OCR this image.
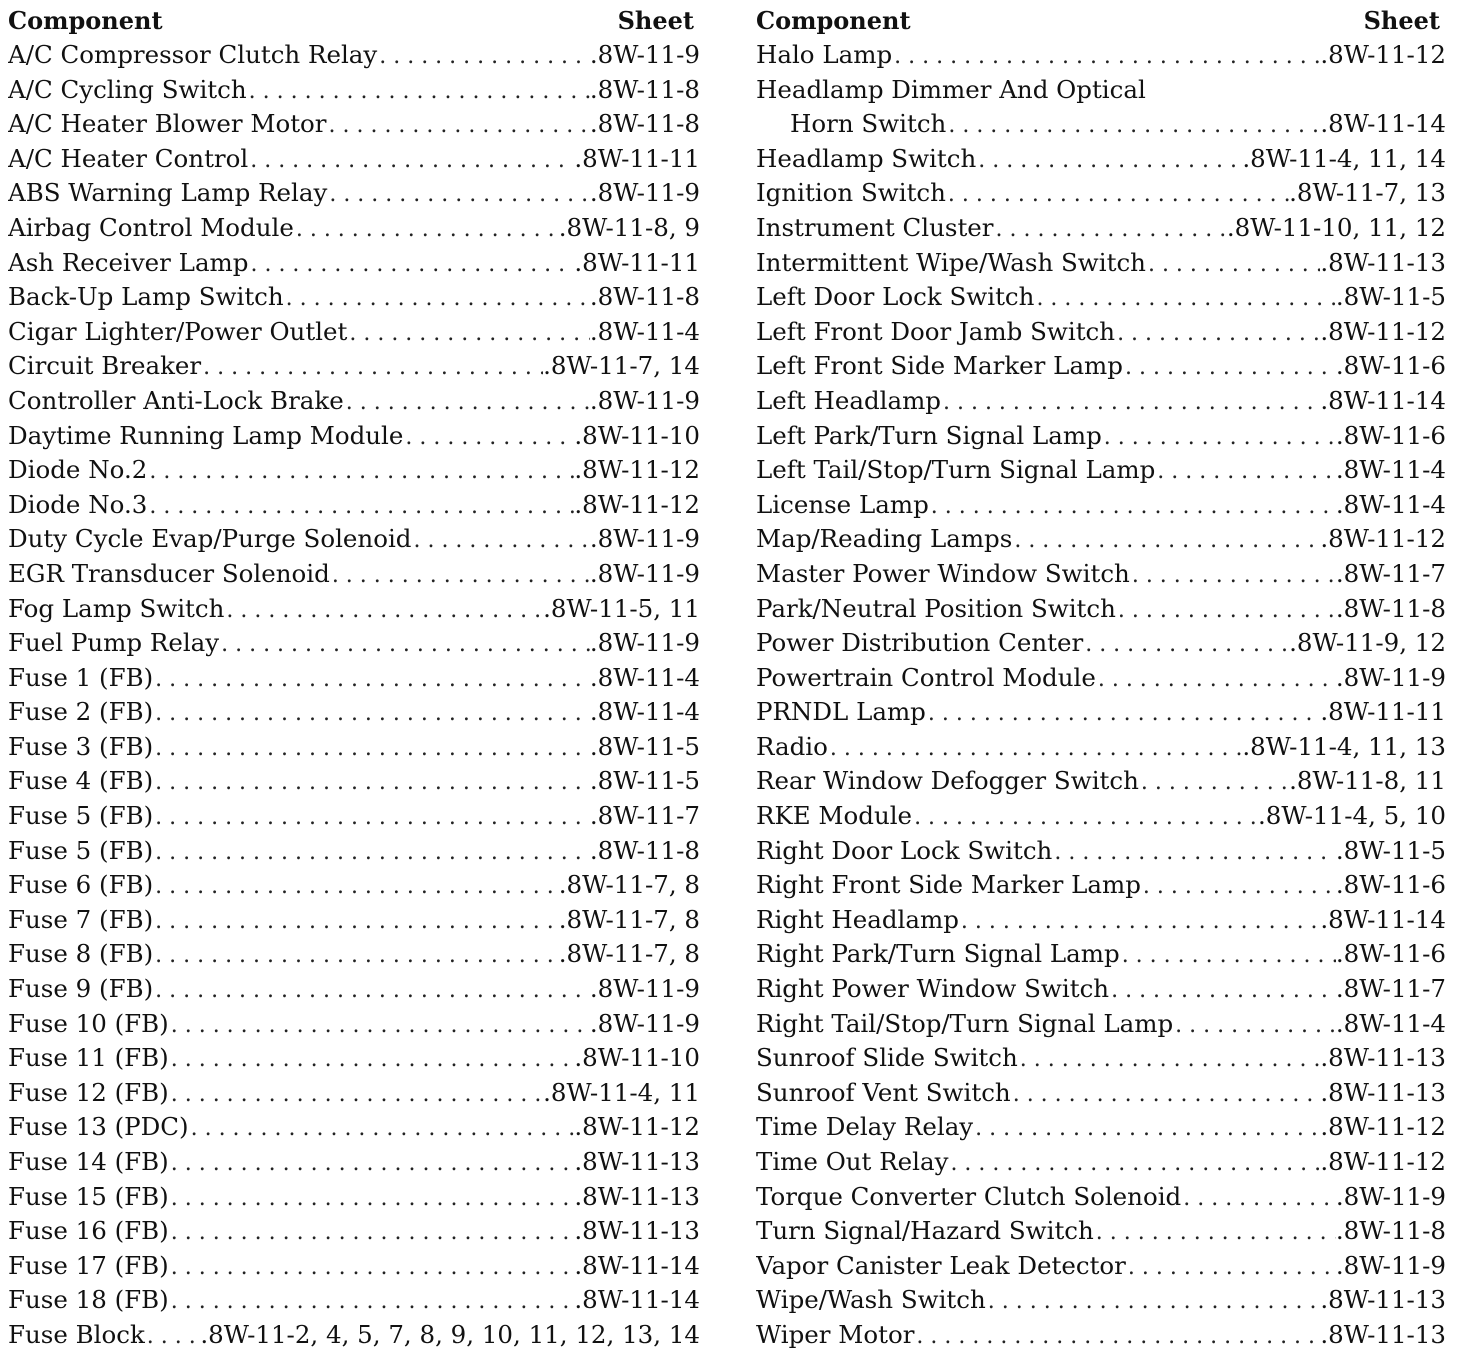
Component	Sheet
A/C Compressor Clutch Relay . . .	.8W-11-9
A/C Cycling Switch . . .	.8W-11-8
A/C Heater Blower Motor . . .	.8W-11-8
A/C Heater Control . . .	.8W-11-11
ABS Warning Lamp Relay . . .	.8W-11-9
Airbag Control Module . . .	.8W-11-8, 9
Ash Receiver Lamp . . .	.8W-11-11
Back-Up Lamp Switch . . .	.8W-11-8
Cigar Lighter/Power Outlet . . .	.8W-11-4
Circuit Breaker . . .	.8W-11-7, 14
Controller Anti-Lock Brake . . .	.8W-11-9
Daytime Running Lamp Module . . .	.8W-11-10
Diode No.2 . . .	.8W-11-12
Diode No.3 . . .	.8W-11-12
Duty Cycle Evap/Purge Solenoid . . .	.8W-11-9
EGR Transducer Solenoid . . .	.8W-11-9
Fog Lamp Switch . . .	.8W-11-5, 11
Fuel Pump Relay . . .	.8W-11-9
Fuse 1 (FB) . . .	.8W-11-4
Fuse 2 (FB) . . .	.8W-11-4
Fuse 3 (FB) . . .	.8W-11-5
Fuse 4 (FB) . . .	.8W-11-5
Fuse 5 (FB) . . .	.8W-11-7
Fuse 5 (FB) . . .	.8W-11-8
Fuse 6 (FB) . . .	.8W-11-7, 8
Fuse 7 (FB) . . .	.8W-11-7, 8
Fuse 8 (FB) . . .	.8W-11-7, 8
Fuse 9 (FB) . . .	.8W-11-9
Fuse 10 (FB) . . .	.8W-11-9
Fuse 11 (FB) . . .	.8W-11-10
Fuse 12 (FB) . . .	.8W-11-4, 11
Fuse 13 (PDC) . . .	.8W-11-12
Fuse 14 (FB) . . .	.8W-11-13
Fuse 15 (FB) . . .	.8W-11-13
Fuse 16 (FB) . . .	.8W-11-13
Fuse 17 (FB) . . .	.8W-11-14
Fuse 18 (FB) . . .	.8W-11-14
Fuse Block . . . .8W-11-2, 4, 5, 7, 8, 9, 10, 11, 12, 13, 14
Component	Sheet
Halo Lamp . . .	.8W-11-12
Headlamp Dimmer And Optical
Horn Switch . . .	.8W-11-14
Headlamp Switch . . .	.8W-11-4, 11, 14
Ignition Switch . . .	.8W-11-7, 13
Instrument Cluster . . .	.8W-11-10, 11, 12
Intermittent Wipe/Wash Switch . . .	.8W-11-13
Left Door Lock Switch . . .	.8W-11-5
Left Front Door Jamb Switch . . .	.8W-11-12
Left Front Side Marker Lamp . . .	.8W-11-6
Left Headlamp . . .	.8W-11-14
Left Park/Turn Signal Lamp . . .	.8W-11-6
Left Tail/Stop/Turn Signal Lamp . . .	.8W-11-4
License Lamp . . .	.8W-11-4
Map/Reading Lamps . . .	.8W-11-12
Master Power Window Switch . . .	.8W-11-7
Park/Neutral Position Switch . . .	.8W-11-8
Power Distribution Center . . .	.8W-11-9, 12
Powertrain Control Module . . .	.8W-11-9
PRNDL Lamp . . .	.8W-11-11
Radio . . .	.8W-11-4, 11, 13
Rear Window Defogger Switch . . .	.8W-11-8, 11
RKE Module . . .	.8W-11-4, 5, 10
Right Door Lock Switch . . .	.8W-11-5
Right Front Side Marker Lamp . . .	.8W-11-6
Right Headlamp . . .	.8W-11-14
Right Park/Turn Signal Lamp . . .	.8W-11-6
Right Power Window Switch . . .	.8W-11-7
Right Tail/Stop/Turn Signal Lamp . . .	.8W-11-4
Sunroof Slide Switch . . .	.8W-11-13
Sunroof Vent Switch . . .	.8W-11-13
Time Delay Relay . . .	.8W-11-12
Time Out Relay . . .	.8W-11-12
Torque Converter Clutch Solenoid . . .	.8W-11-9
Turn Signal/Hazard Switch . . .	.8W-11-8
Vapor Canister Leak Detector . . .	.8W-11-9
Wipe/Wash Switch . . .	.8W-11-13
Wiper Motor . . .	.8W-11-13
